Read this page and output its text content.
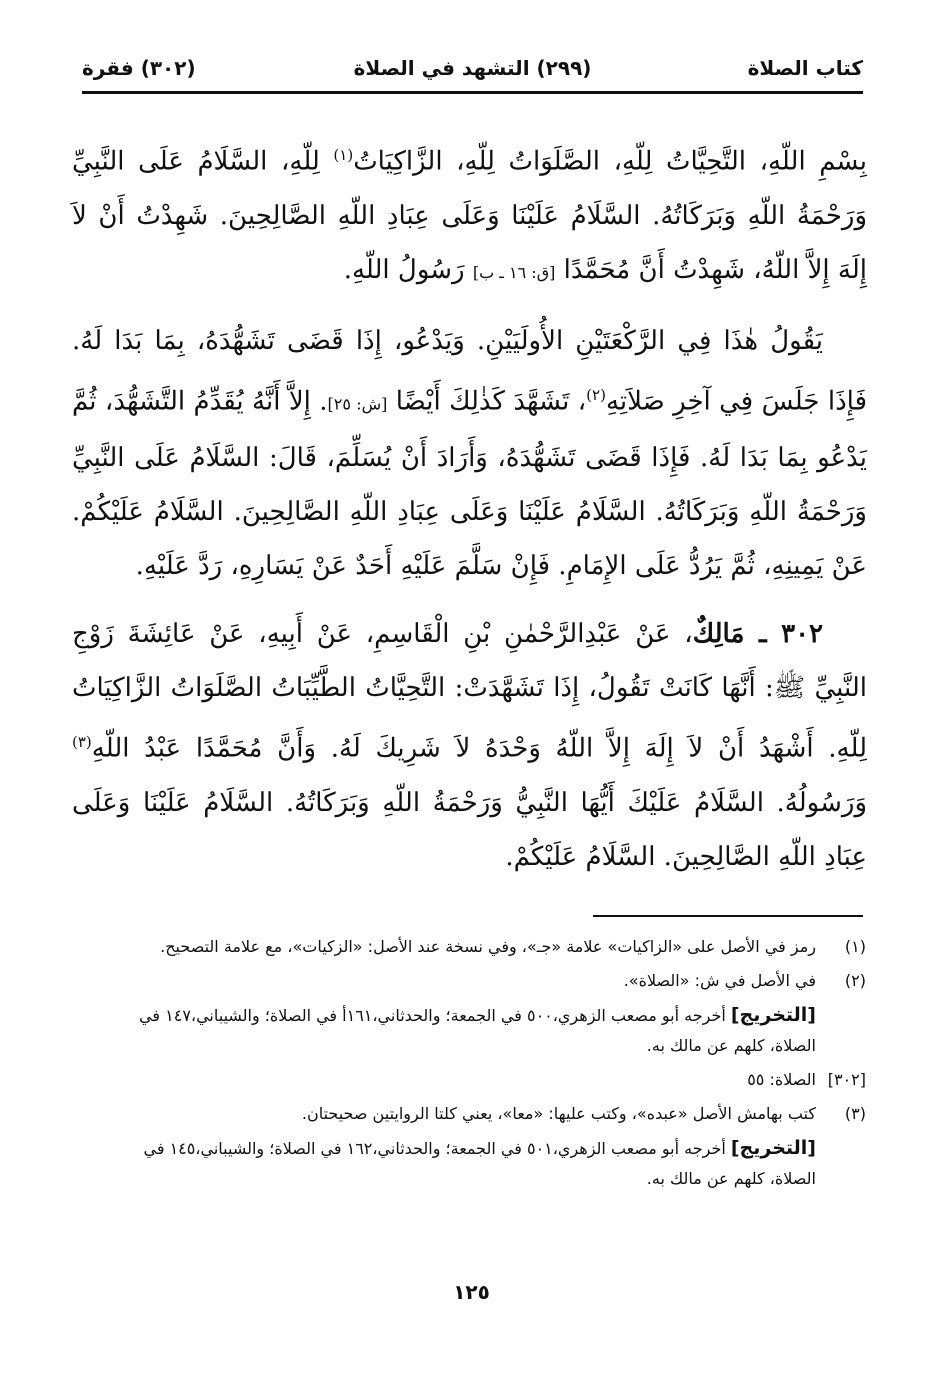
كتاب الصلاة
(٢٩٩) التشهد في الصلاة
(٣٠٢) فقرة

بِسْمِ اللّهِ، التَّحِيَّاتُ لِلّهِ، الصَّلَوَاتُ لِلّهِ، الزَّاكِيَاتُ$^{(١)}$ لِلّهِ، السَّلَامُ عَلَى النَّبِيِّ وَرَحْمَةُ اللّهِ وَبَرَكَاتُهُ. السَّلَامُ عَلَيْنَا وَعَلَى عِبَادِ اللّهِ الصَّالِحِينَ. شَهِدْتُ أَنْ لاَ إِلَهَ إِلاَّ اللّهُ، شَهِدْتُ أَنَّ مُحَمَّدًا [ق: ١٦ ـ ب] رَسُولُ اللّهِ.

يَقُولُ هٰذَا فِي الرَّكْعَتَيْنِ الأُولَيَيْنِ. وَيَدْعُو، إِذَا قَضَى تَشَهُّدَهُ، بِمَا بَدَا لَهُ. فَإِذَا جَلَسَ فِي آخِرِ صَلاَتِهِ$^{(٢)}$، تَشَهَّدَ كَذٰلِكَ أَيْضًا [ش: ٢٥]. إِلاَّ أَنَّهُ يُقَدِّمُ التَّشَهُّدَ، ثُمَّ يَدْعُو بِمَا بَدَا لَهُ. فَإِذَا قَضَى تَشَهُّدَهُ، وَأَرَادَ أَنْ يُسَلِّمَ، قَالَ: السَّلَامُ عَلَى النَّبِيِّ وَرَحْمَةُ اللّهِ وَبَرَكَاتُهُ. السَّلَامُ عَلَيْنَا وَعَلَى عِبَادِ اللّهِ الصَّالِحِينَ. السَّلَامُ عَلَيْكُمْ. عَنْ يَمِينِهِ، ثُمَّ يَرُدُّ عَلَى الإِمَامِ. فَإِنْ سَلَّمَ عَلَيْهِ أَحَدٌ عَنْ يَسَارِهِ، رَدَّ عَلَيْهِ.

٣٠٢ ـ مَالِكٌ، عَنْ عَبْدِالرَّحْمٰنِ بْنِ الْقَاسِمِ، عَنْ أَبِيهِ، عَنْ عَائِشَةَ زَوْجِ النَّبِيِّ ﷺ: أَنَّهَا كَانَتْ تَقُولُ، إِذَا تَشَهَّدَتْ: التَّحِيَّاتُ الطَّيِّبَاتُ الصَّلَوَاتُ الزَّاكِيَاتُ لِلّهِ. أَشْهَدُ أَنْ لاَ إِلَهَ إِلاَّ اللّهُ وَحْدَهُ لاَ شَرِيكَ لَهُ. وَأَنَّ مُحَمَّدًا عَبْدُ اللّهِ$^{(٣)}$ وَرَسُولُهُ. السَّلَامُ عَلَيْكَ أَيُّهَا النَّبِيُّ وَرَحْمَةُ اللّهِ وَبَرَكَاتُهُ. السَّلَامُ عَلَيْنَا وَعَلَى عِبَادِ اللّهِ الصَّالِحِينَ. السَّلَامُ عَلَيْكُمْ.

(١)
رمز في الأصل على «الزاكيات» علامة «جـ»، وفي نسخة عند الأصل: «الزكيات»، مع علامة التصحيح.
(٢)
في الأصل في ش: «الصلاة».
[التخريج] أخرجه أبو مصعب الزهري،٥٠٠ في الجمعة؛ والحدثاني،١٦١أ في الصلاة؛ والشيباني،١٤٧ في الصلاة، كلهم عن مالك به.
[٣٠٢]
الصلاة: ٥٥
(٣)
كتب بهامش الأصل «عبده»، وكتب عليها: «معا»، يعني كلتا الروايتين صحيحتان.
[التخريج] أخرجه أبو مصعب الزهري،٥٠١ في الجمعة؛ والحدثاني،١٦٢ في الصلاة؛ والشيباني،١٤٥ في الصلاة، كلهم عن مالك به.
١٢٥
